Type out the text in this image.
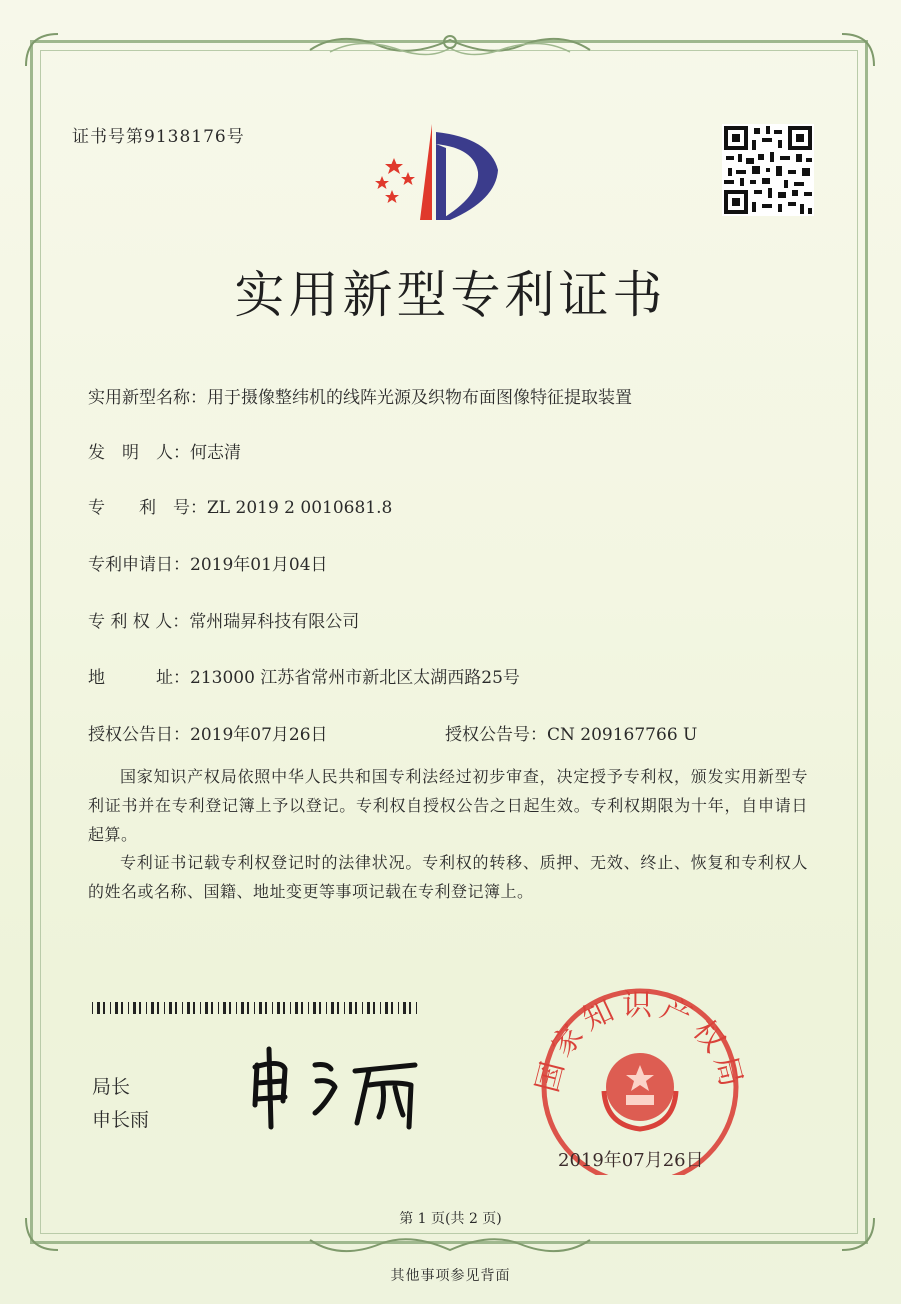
证书号第9138176号
实用新型专利证书
实用新型名称：用于摄像整纬机的线阵光源及织物布面图像特征提取装置
发　明　人：何志清
专　　利　号：ZL 2019 2 0010681.8
专利申请日：2019年01月04日
专 利 权 人：常州瑞昇科技有限公司
地　　　址：213000 江苏省常州市新北区太湖西路25号
授权公告日：2019年07月26日	授权公告号：CN 209167766 U
国家知识产权局依照中华人民共和国专利法经过初步审查，决定授予专利权，颁发实用新型专利证书并在专利登记簿上予以登记。专利权自授权公告之日起生效。专利权期限为十年，自申请日起算。
专利证书记载专利权登记时的法律状况。专利权的转移、质押、无效、终止、恢复和专利权人的姓名或名称、国籍、地址变更等事项记载在专利登记簿上。
局长
申长雨
国家知识产权局
2019年07月26日
第 1 页(共 2 页)
其他事项参见背面
